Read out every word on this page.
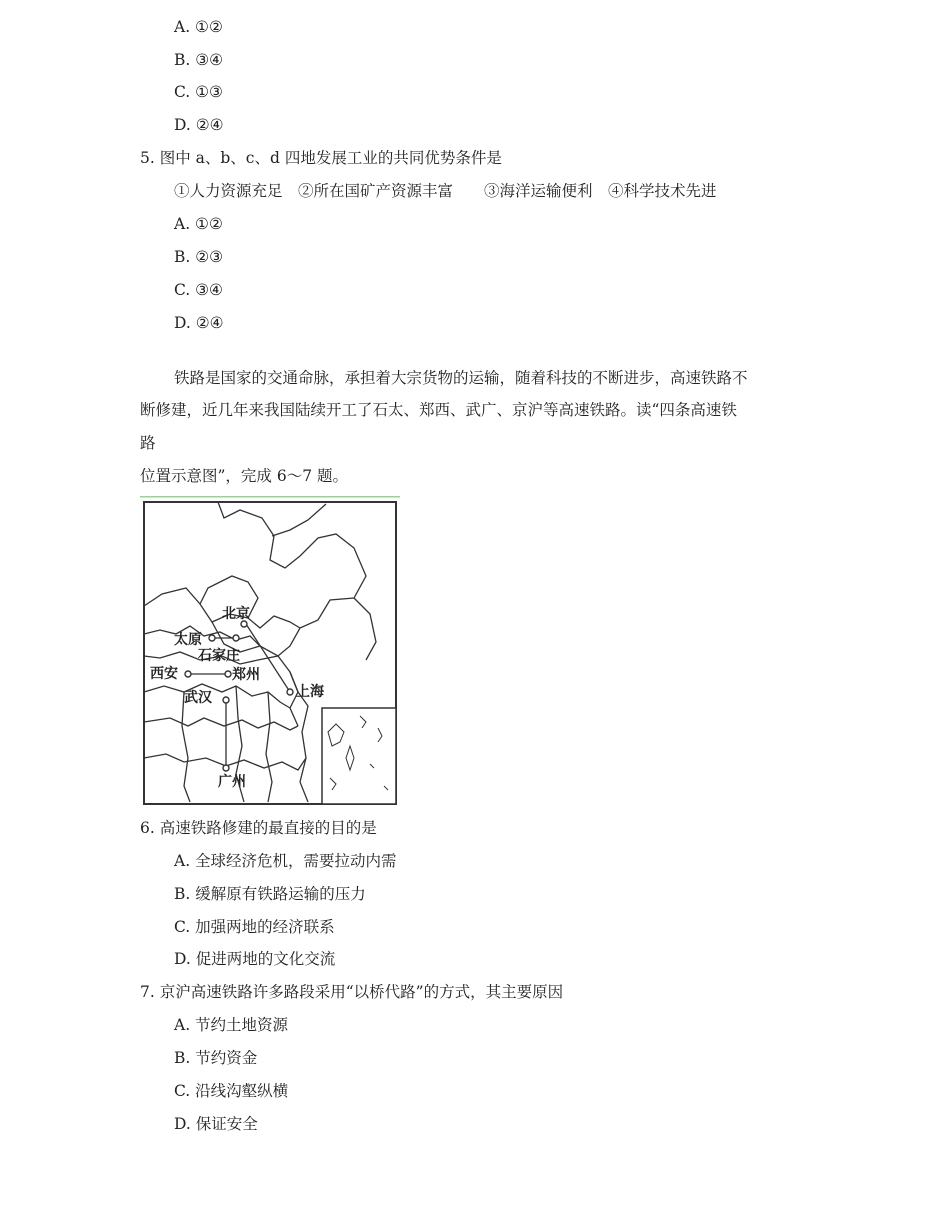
A. ①②
B. ③④
C. ①③
D. ②④
5. 图中 a、b、c、d 四地发展工业的共同优势条件是
①人力资源充足　②所在国矿产资源丰富　　③海洋运输便利　④科学技术先进
A. ①②
B. ②③
C. ③④
D. ②④
铁路是国家的交通命脉，承担着大宗货物的运输，随着科技的不断进步，高速铁路不
断修建，近几年来我国陆续开工了石太、郑西、武广、京沪等高速铁路。读“四条高速铁
路
位置示意图”，完成 6～7 题。
北京
太原
石家庄
西安	郑州
上海
武汉
广州
6. 高速铁路修建的最直接的目的是
A. 全球经济危机，需要拉动内需
B. 缓解原有铁路运输的压力
C. 加强两地的经济联系
D. 促进两地的文化交流
7. 京沪高速铁路许多路段采用“以桥代路”的方式，其主要原因
A. 节约土地资源
B. 节约资金
C. 沿线沟壑纵横
D. 保证安全
